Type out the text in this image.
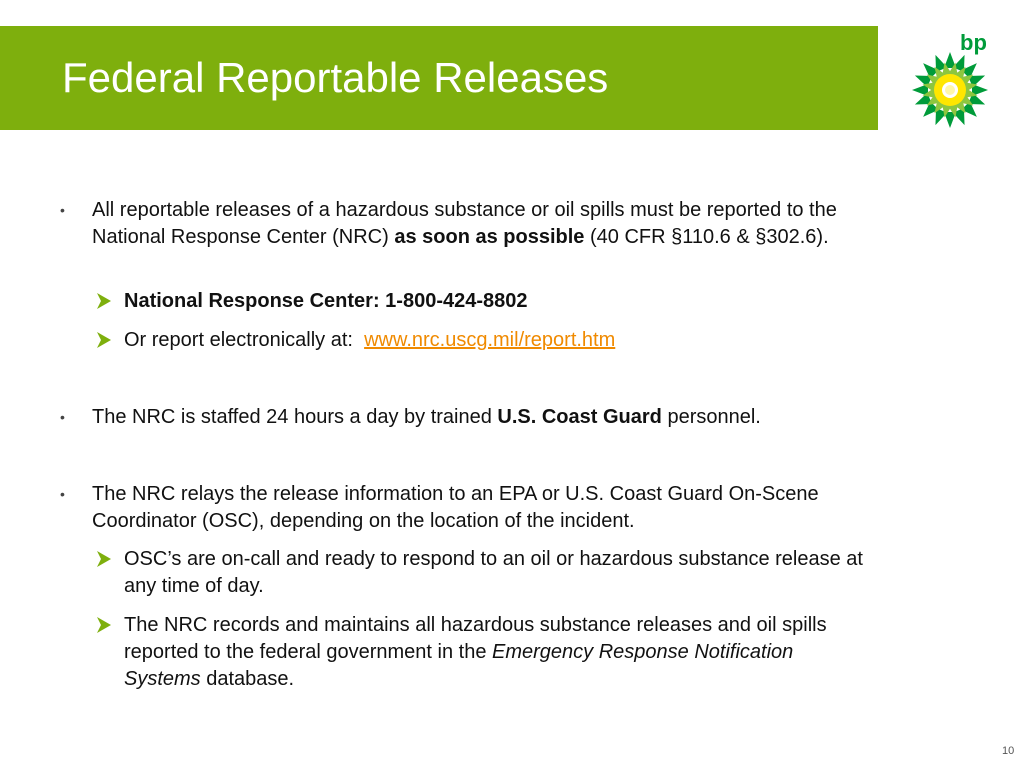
Federal Reportable Releases
bp
• All reportable releases of a hazardous substance or oil spills must be reported to the National Response Center (NRC) as soon as possible (40 CFR §110.6 & §302.6).
National Response Center: 1-800-424-8802
Or report electronically at:  www.nrc.uscg.mil/report.htm
• The NRC is staffed 24 hours a day by trained U.S. Coast Guard personnel.
• The NRC relays the release information to an EPA or U.S. Coast Guard On-Scene Coordinator (OSC), depending on the location of the incident.
OSC’s are on-call and ready to respond to an oil or hazardous substance release at any time of day.
The NRC records and maintains all hazardous substance releases and oil spills reported to the federal government in the Emergency Response Notification Systems database.
10
